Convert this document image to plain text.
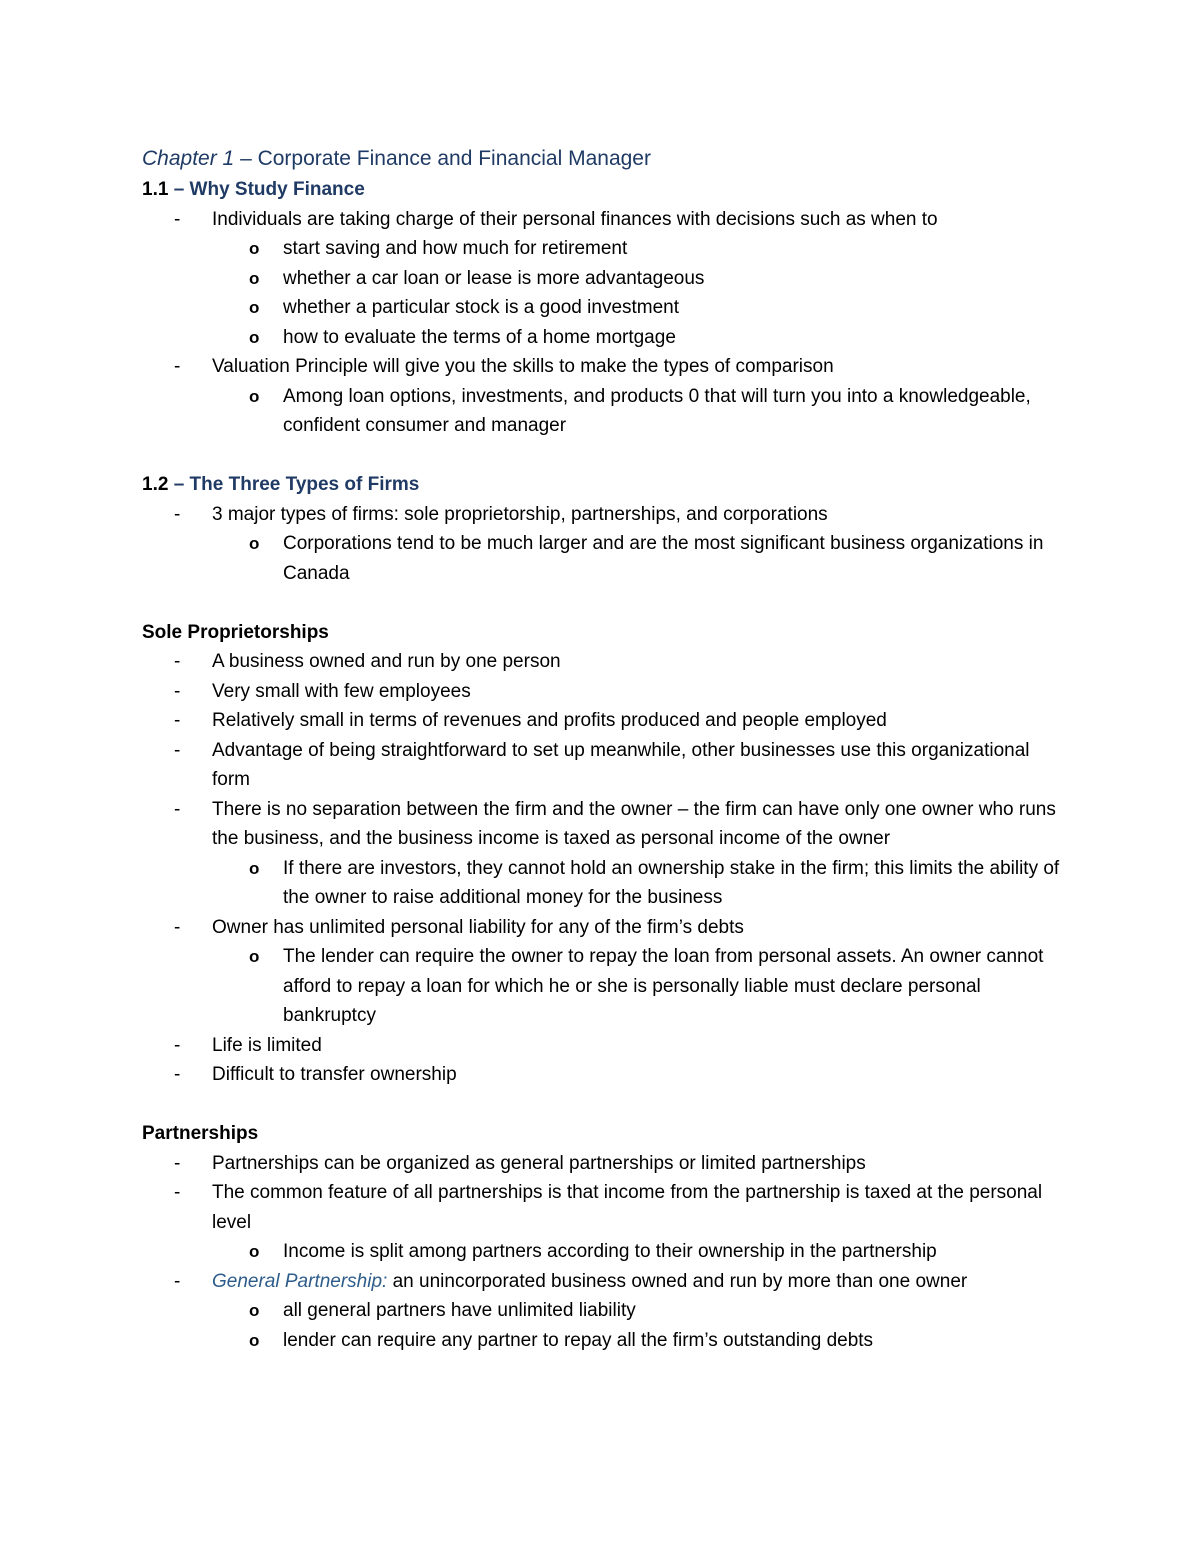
Chapter 1 – Corporate Finance and Financial Manager
1.1 – Why Study Finance
- Individuals are taking charge of their personal finances with decisions such as when to
o start saving and how much for retirement
o whether a car loan or lease is more advantageous
o whether a particular stock is a good investment
o how to evaluate the terms of a home mortgage
- Valuation Principle will give you the skills to make the types of comparison
o Among loan options, investments, and products 0 that will turn you into a knowledgeable, confident consumer and manager
1.2 – The Three Types of Firms
- 3 major types of firms: sole proprietorship, partnerships, and corporations
o Corporations tend to be much larger and are the most significant business organizations in Canada
Sole Proprietorships
- A business owned and run by one person
- Very small with few employees
- Relatively small in terms of revenues and profits produced and people employed
- Advantage of being straightforward to set up meanwhile, other businesses use this organizational form
- There is no separation between the firm and the owner – the firm can have only one owner who runs the business, and the business income is taxed as personal income of the owner
o If there are investors, they cannot hold an ownership stake in the firm; this limits the ability of the owner to raise additional money for the business
- Owner has unlimited personal liability for any of the firm’s debts
o The lender can require the owner to repay the loan from personal assets. An owner cannot afford to repay a loan for which he or she is personally liable must declare personal bankruptcy
- Life is limited
- Difficult to transfer ownership
Partnerships
- Partnerships can be organized as general partnerships or limited partnerships
- The common feature of all partnerships is that income from the partnership is taxed at the personal level
o Income is split among partners according to their ownership in the partnership
- General Partnership: an unincorporated business owned and run by more than one owner
o all general partners have unlimited liability
o lender can require any partner to repay all the firm’s outstanding debts
